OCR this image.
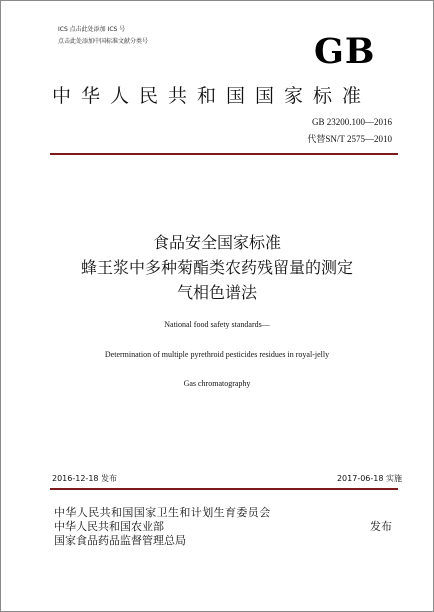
ICS 点击此处添加 ICS 号
点击此处添加中国标准文献分类号	GB
中华人民共和国国家标准
GB 23200.100—2016
代替SN/T 2575—2010
食品安全国家标准
蜂王浆中多种菊酯类农药残留量的测定
气相色谱法
National food safety standards—
Determination of multiple pyrethroid pesticides residues in royal-jelly
Gas chromatography
2016-12-18 发布	2017-06-18 实施
中华人民共和国国家卫生和计划生育委员会
中华人民共和国农业部
国家食品药品监督管理总局
发布
